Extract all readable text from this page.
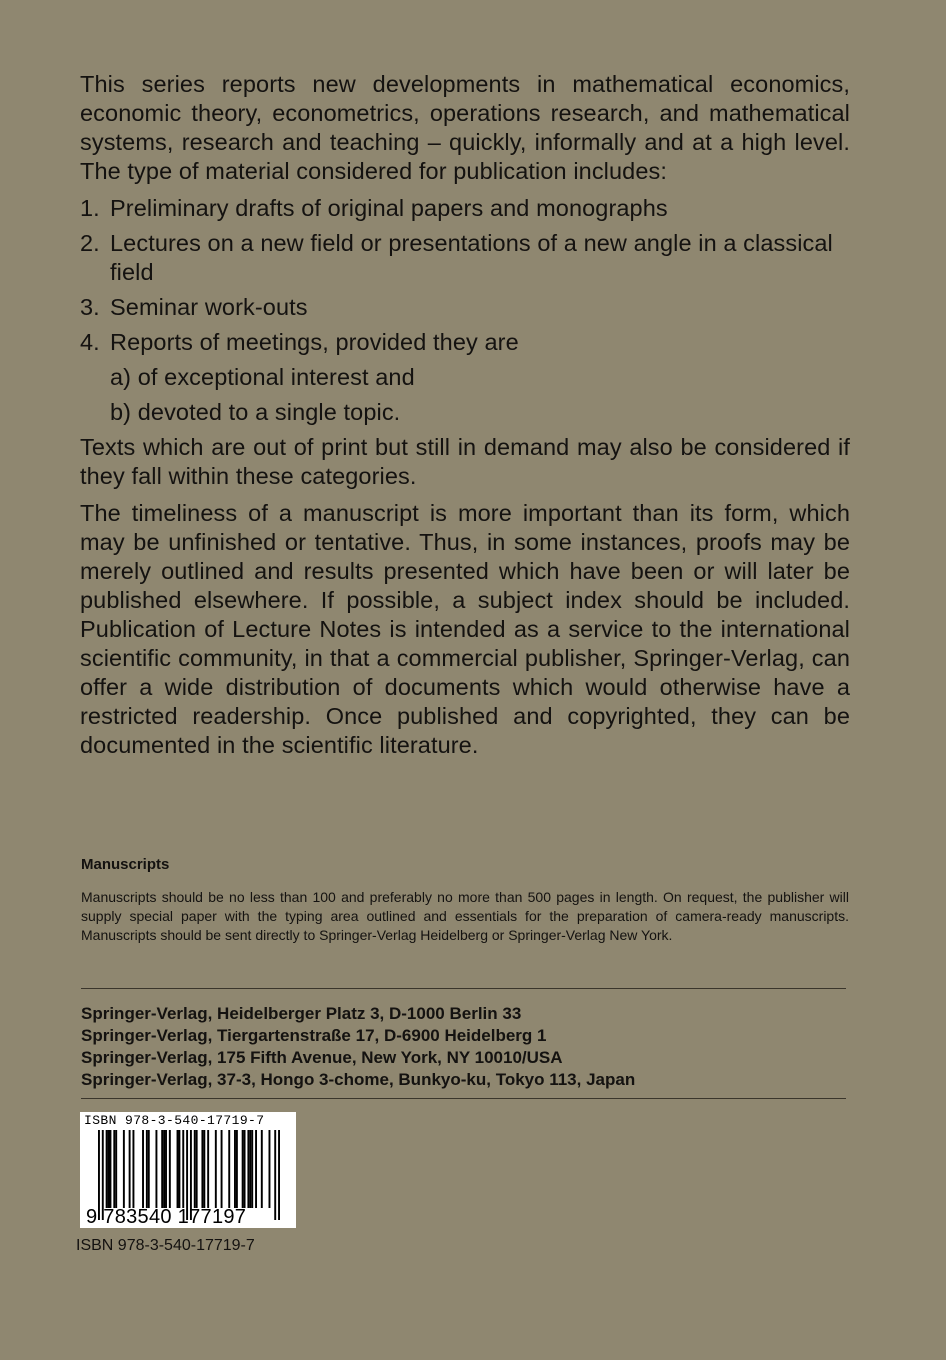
This series reports new developments in mathematical economics, economic theory, econometrics, operations research, and mathematical systems, research and teaching – quickly, informally and at a high level. The type of material considered for publication includes:

1. Preliminary drafts of original papers and monographs
2. Lectures on a new field or presentations of a new angle in a classical field
3. Seminar work-outs
4. Reports of meetings, provided they are
a) of exceptional interest and
b) devoted to a single topic.

Texts which are out of print but still in demand may also be considered if they fall within these categories.

The timeliness of a manuscript is more important than its form, which may be unfinished or tentative. Thus, in some instances, proofs may be merely outlined and results presented which have been or will later be published elsewhere. If possible, a subject index should be included. Publication of Lecture Notes is intended as a service to the international scientific community, in that a commercial publisher, Springer-Verlag, can offer a wide distribution of documents which would otherwise have a restricted readership. Once published and copyrighted, they can be documented in the scientific literature.

Manuscripts
Manuscripts should be no less than 100 and preferably no more than 500 pages in length. On request, the publisher will supply special paper with the typing area outlined and essentials for the preparation of camera-ready manuscripts. Manuscripts should be sent directly to Springer-Verlag Heidelberg or Springer-Verlag New York.
Springer-Verlag, Heidelberger Platz 3, D-1000 Berlin 33
Springer-Verlag, Tiergartenstraße 17, D-6900 Heidelberg 1
Springer-Verlag, 175 Fifth Avenue, New York, NY 10010/USA
Springer-Verlag, 37-3, Hongo 3-chome, Bunkyo-ku, Tokyo 113, Japan
ISBN 978-3-540-17719-7
9 783540 177197
ISBN 978-3-540-17719-7
